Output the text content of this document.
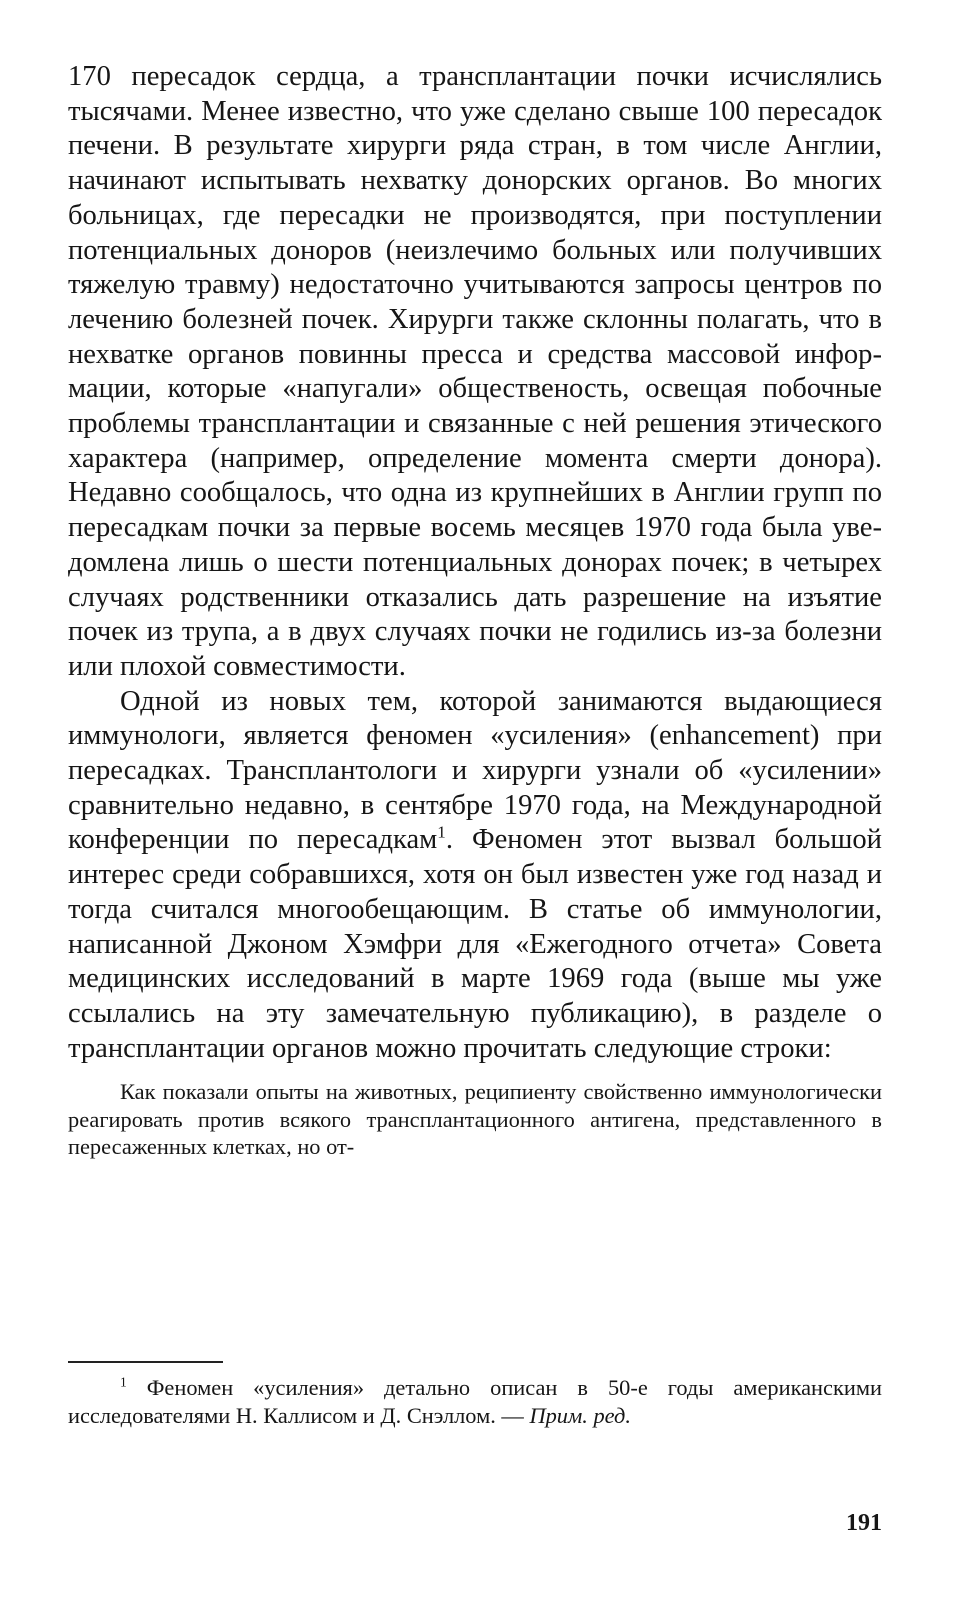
170 пересадок сердца, а трансплантации почки исчислялись тысячами. Менее известно, что уже сделано свыше 100 пересадок печени. В результате хирурги ряда стран, в том числе Англии, начинают испытывать нехватку донорских органов. Во многих больницах, где пересадки не производятся, при поступлении потенциальных доноров (неизлечимо больных или получивших тяжелую травму) недостаточно учитываются запросы центров по лечению болезней почек. Хирурги также склонны полагать, что в нехватке органов повинны пресса и средства массовой информации, которые «напугали» общественость, освещая побочные проблемы трансплантации и связанные с ней решения этического характера (например, определение момента смерти донора). Недавно сообщалось, что одна из крупнейших в Англии групп по пересадкам почки за первые восемь месяцев 1970 года была уведомлена лишь о шести потенциальных донорах почек; в четырех случаях родственники отказались дать разрешение на изъятие почек из трупа, а в двух случаях почки не годились из-за болезни или плохой совместимости.

Одной из новых тем, которой занимаются выдающиеся иммунологи, является феномен «усиления» (enhancement) при пересадках. Трансплантологи и хирурги узнали об «усилении» сравнительно недавно, в сентябре 1970 года, на Международной конференции по пересадкам$^1$. Феномен этот вызвал большой интерес среди собравшихся, хотя он был известен уже год назад и тогда считался многообещающим. В статье об иммунологии, написанной Джоном Хэмфри для «Ежегодного отчета» Совета медицинских исследований в марте 1969 года (выше мы уже ссылались на эту замечательную публикацию), в разделе о трансплантации органов можно прочитать следующие строки:

Как показали опыты на животных, реципиенту свойственно иммунологически реагировать против всякого трансплантационного антигена, представленного в пересаженных клетках, но от-
$^1$ Феномен «усиления» детально описан в 50-е годы американскими исследователями Н. Каллисом и Д. Снэллом. — Прим. ред.
191
